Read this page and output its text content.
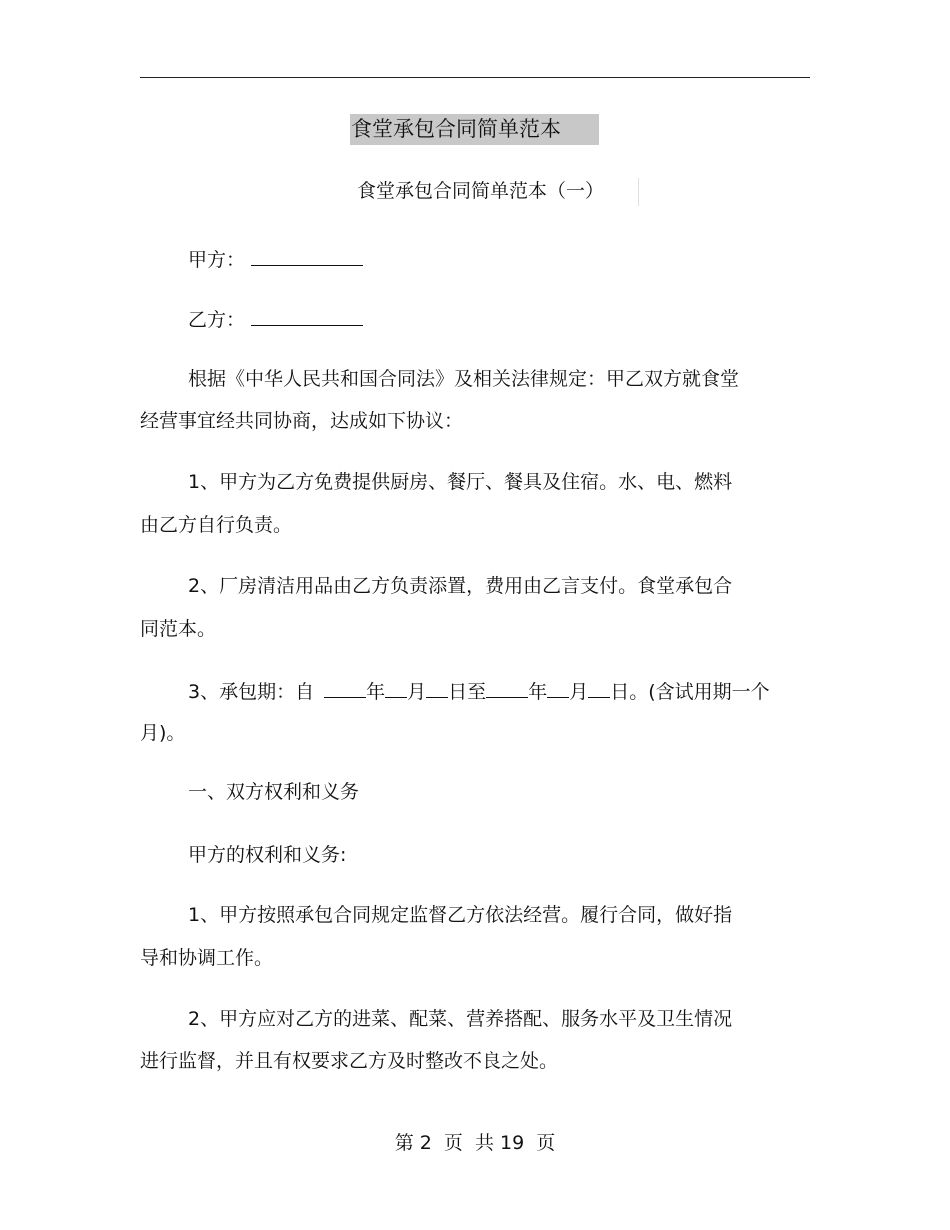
食堂承包合同简单范本
食堂承包合同简单范本（一）
甲方：
乙方：
根据《中华人民共和国合同法》及相关法律规定：甲乙双方就食堂
经营事宜经共同协商，达成如下协议：
1、甲方为乙方免费提供厨房、餐厅、餐具及住宿。水、电、燃料
由乙方自行负责。
2、厂房清洁用品由乙方负责添置，费用由乙言支付。食堂承包合
同范本。
3、承包期：自	年 月 日至 年 月 日。(含试用期一个
月)。
一、双方权利和义务
甲方的权利和义务:
1、甲方按照承包合同规定监督乙方依法经营。履行合同，做好指
导和协调工作。
2、甲方应对乙方的进菜、配菜、营养搭配、服务水平及卫生情况
进行监督，并且有权要求乙方及时整改不良之处。
第 2  页  共 19  页
